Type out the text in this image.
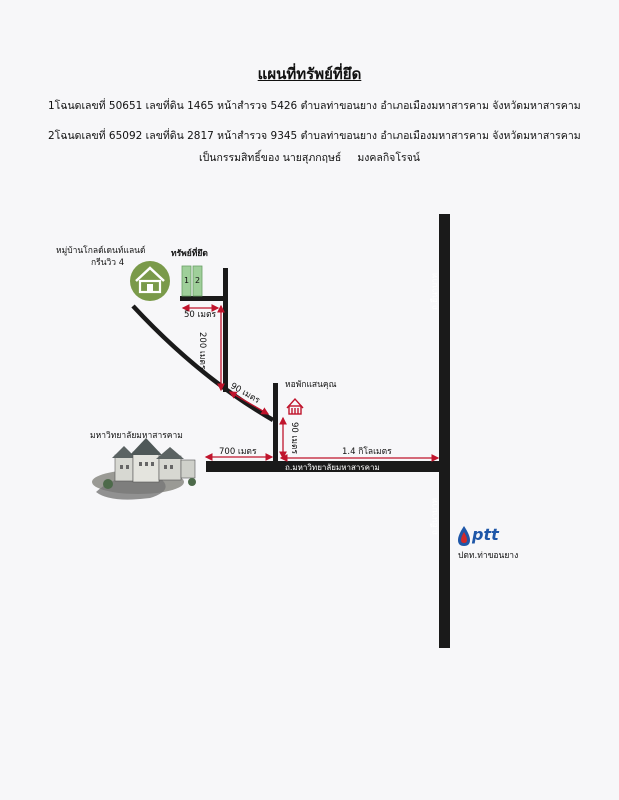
แผนที่ทรัพย์ที่ยึด
1โฉนดเลขที่ 50651 เลขที่ดิน 1465 หน้าสำรวจ 5426 ตำบลท่าขอนยาง อำเภอเมืองมหาสารคาม จังหวัดมหาสารคาม
2โฉนดเลขที่ 65092 เลขที่ดิน 2817 หน้าสำรวจ 9345 ตำบลท่าขอนยาง อำเภอเมืองมหาสารคาม จังหวัดมหาสารคาม
เป็นกรรมสิทธิ์ของ นายสุภกฤษธ์ มงคลกิจโรจน์
หมู่บ้านโกลด์เดนท์แลนด์
กรีนวิว 4
ทรัพย์ที่ยึด
1 2
50 เมตร
200 เมตร
90 เมตร	หอพักแสนคุณ
90 เมตร
มหาวิทยาลัยมหาสารคาม
700 เมตร	1.4 กิโลเมตร
ถ.มหาวิทยาลัยมหาสารคาม
ถ.ยืนาบาท
ถ.ยืนาบาท ptt
ปตท.ท่าขอนยาง
